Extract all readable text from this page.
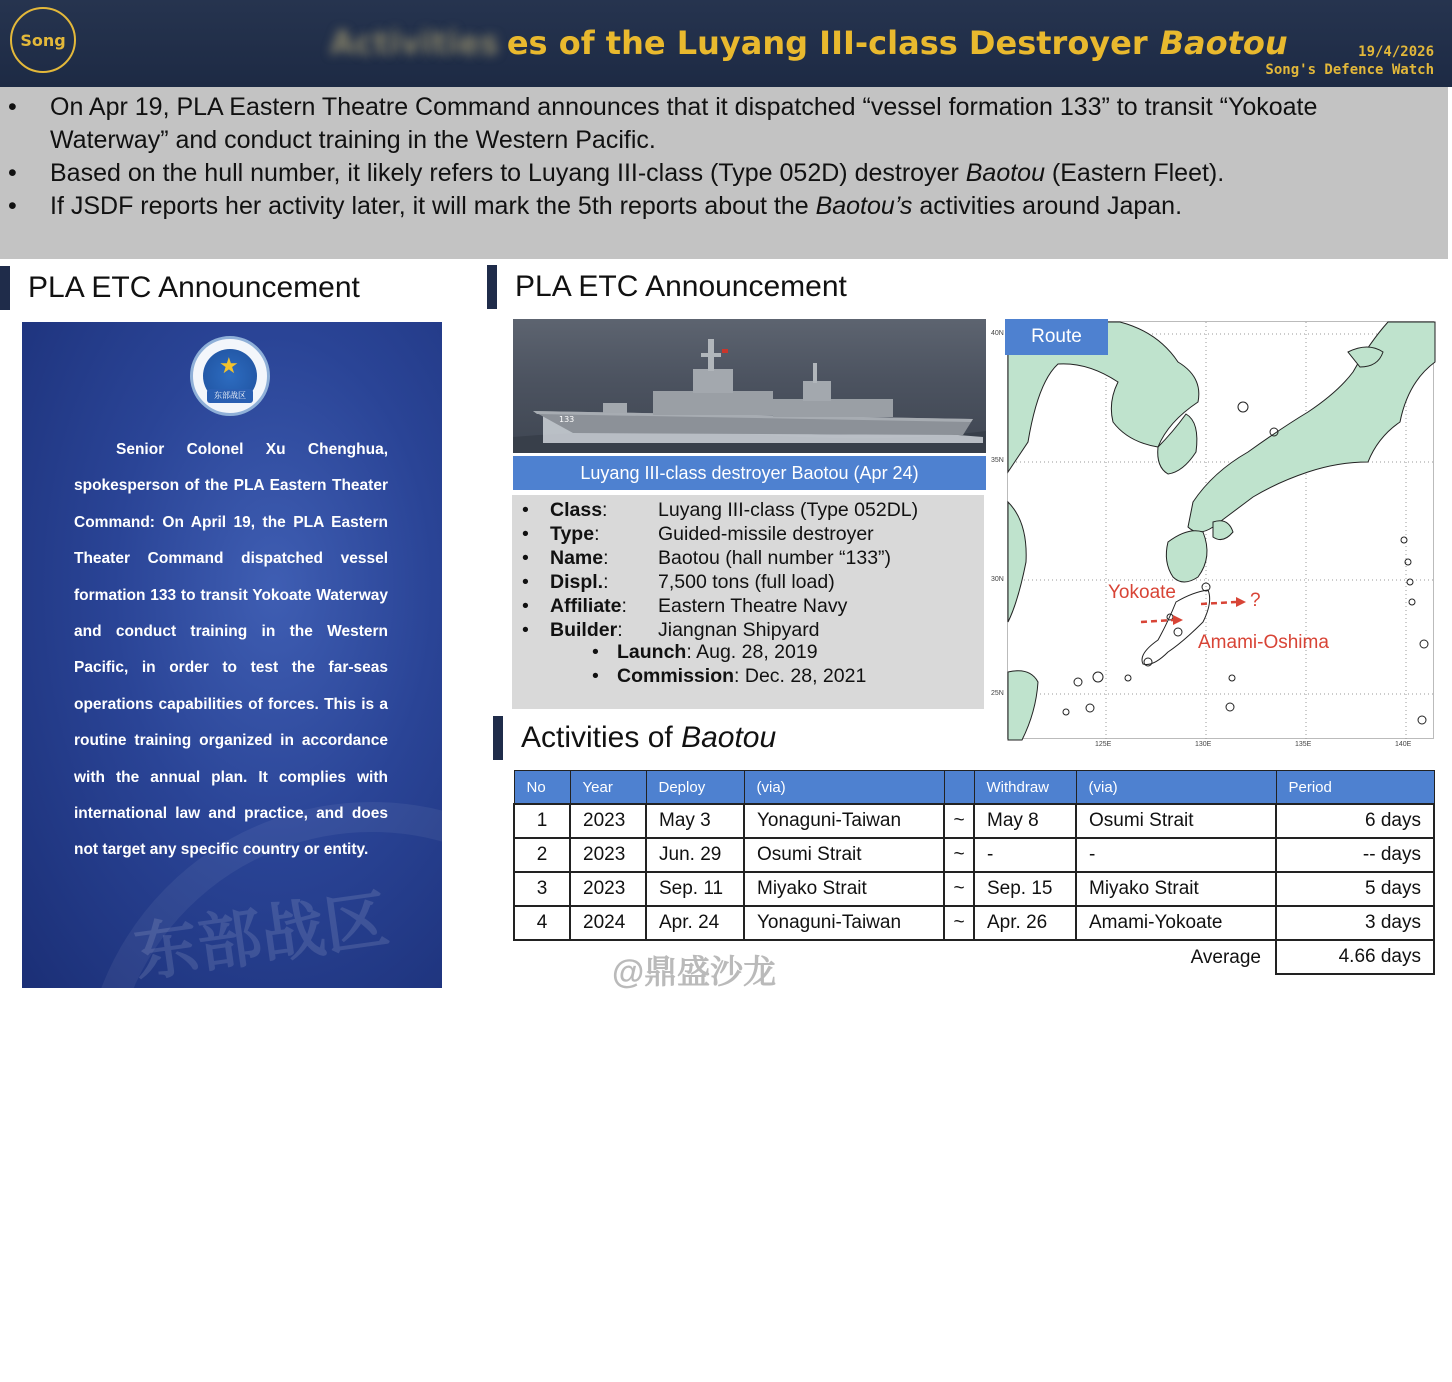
Song	Activities es of the Luyang III-class Destroyer Baotou	19/4/2026
Song's Defence Watch
• On Apr 19, PLA Eastern Theatre Command announces that it dispatched “vessel formation 133” to transit “Yokoate Waterway” and conduct training in the Western Pacific.
• Based on the hull number, it likely refers to Luyang III-class (Type 052D) destroyer Baotou (Eastern Fleet).
• If JSDF reports her activity later, it will mark the 5th reports about the Baotou’s activities around Japan.
PLA ETC Announcement	PLA ETC Announcement
★
东部战区
Senior Colonel Xu Chenghua, spokesperson of the PLA Eastern Theater Command: On April 19, the PLA Eastern Theater Command dispatched vessel formation 133 to transit Yokoate Waterway and conduct training in the Western Pacific, in order to test the far-seas operations capabilities of forces. This is a routine training organized in accordance with the annual plan. It complies with international law and practice, and does not target any specific country or entity.
东部战区
133
Luyang III-class destroyer Baotou (Apr 24)
• Class:	Luyang III-class (Type 052DL)
• Type:	Guided-missile destroyer
• Name:	Baotou (hall number “133”)
• Displ.:	7,500 tons (full load)
• Affiliate: Eastern Theatre Navy
• Builder: Jiangnan Shipyard
• Launch: Aug. 28, 2019
• Commission: Dec. 28, 2021
Route
Yokoate	?
Amami-Oshima
40N
35N
30N
25N
125E	130E	135E	140E
Activities of Baotou
No	Year	Deploy	(via)		Withdraw	(via)	Period
1	2023	May 3	Yonaguni-Taiwan	~	May 8	Osumi Strait	6 days
2	2023	Jun. 29	Osumi Strait	~	-	-	-- days
3	2023	Sep. 11	Miyako Strait	~	Sep. 15	Miyako Strait	5 days
4	2024	Apr. 24	Yonaguni-Taiwan	~	Apr. 26	Amami-Yokoate	3 days
Average							4.66 days
@鼎盛沙龙
